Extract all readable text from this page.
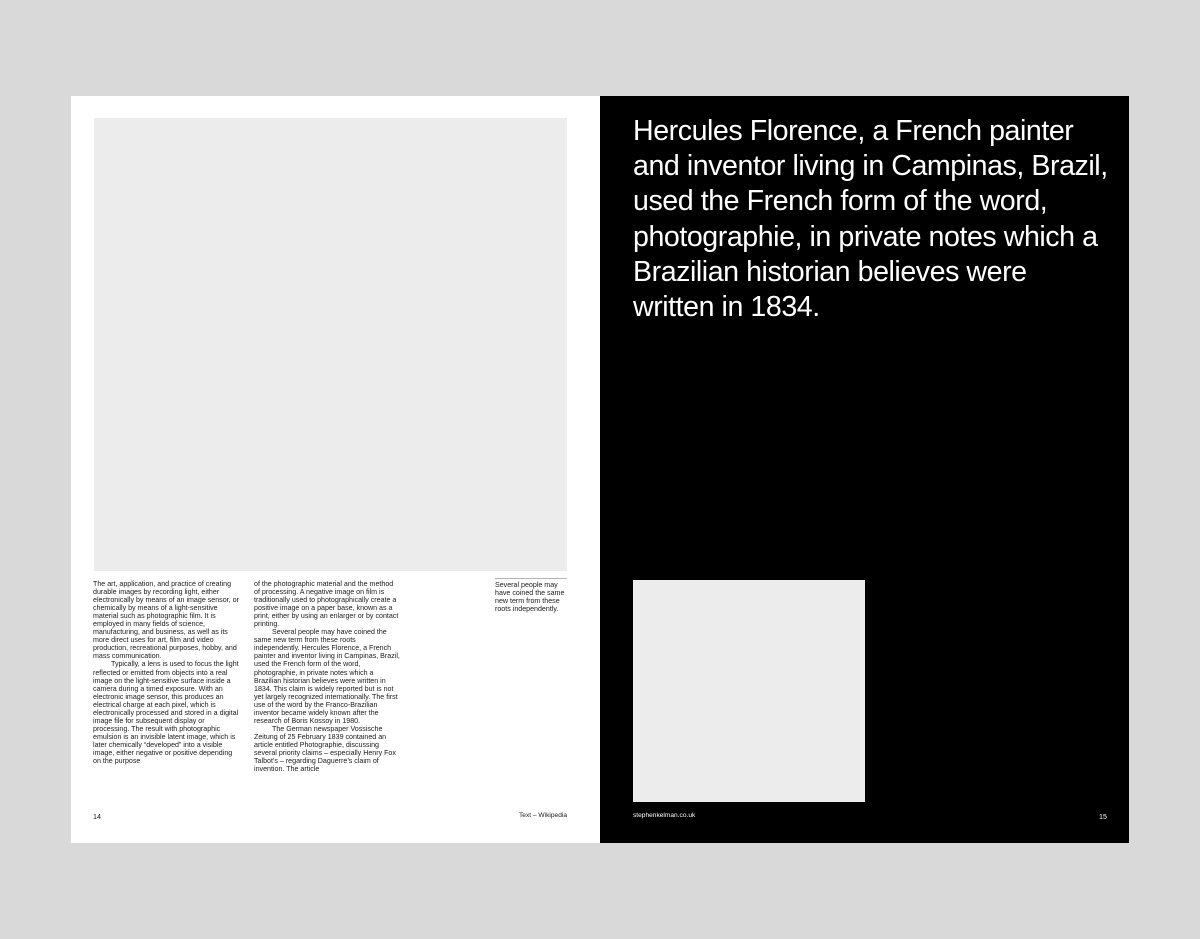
The art, application, and practice of creating durable images by recording light, either electronically by means of an image sensor, or chemically by means of a light-sensitive material such as photographic film. It is employed in many fields of science, manufacturing, and business, as well as its more direct uses for art, film and video production, recreational purposes, hobby, and mass communication.

Typically, a lens is used to focus the light reflected or emitted from objects into a real image on the light-sensitive surface inside a camera during a timed exposure. With an electronic image sensor, this produces an electrical charge at each pixel, which is electronically processed and stored in a digital image file for subsequent display or processing. The result with photographic emulsion is an invisible latent image, which is later chemically “developed” into a visible image, either negative or positive depending on the purpose

of the photographic material and the method of processing. A negative image on film is traditionally used to photographically create a positive image on a paper base, known as a print, either by using an enlarger or by contact printing.

Several people may have coined the same new term from these roots independently. Hercules Florence, a French painter and inventor living in Campinas, Brazil, used the French form of the word, photographie, in private notes which a Brazilian historian believes were written in 1834. This claim is widely reported but is not yet largely recognized internationally. The first use of the word by the Franco-Brazilian inventor became widely known after the research of Boris Kossoy in 1980.

The German newspaper Vossische Zeitung of 25 February 1839 contained an article entitled Photographie, discussing several priority claims – especially Henry Fox Talbot’s – regarding Daguerre’s claim of invention. The article

Several people may have coined the same new term from these roots independently.
14	Text – Wikipedia
Hercules Florence, a French painter and inventor living in Campinas, Brazil, used the French form of the word, photographie, in private notes which a Brazilian historian believes were written in 1834.
stephenkelman.co.uk	15
